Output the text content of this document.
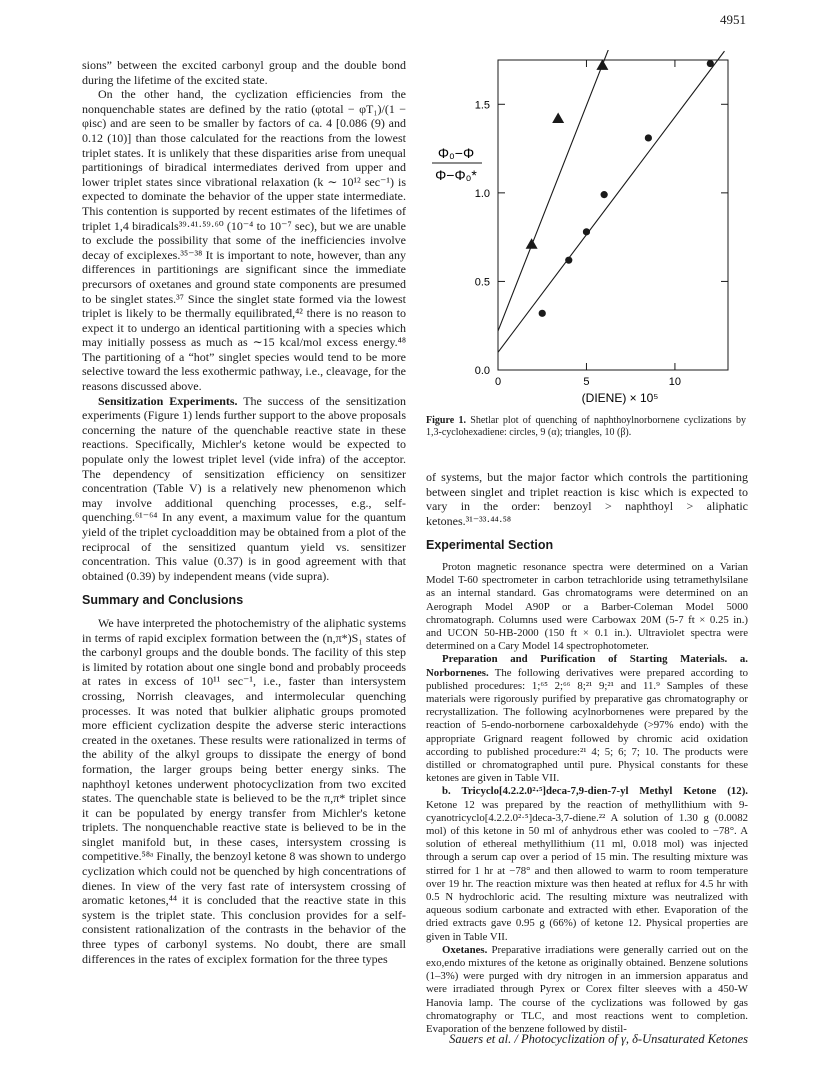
4951

sions” between the excited carbonyl group and the double bond during the lifetime of the excited state.

On the other hand, the cyclization efficiencies from the nonquenchable states are defined by the ratio (φtotal − φT₁)/(1 − φisc) and are seen to be smaller by factors of ca. 4 [0.086 (9) and 0.12 (10)] than those calculated for the reactions from the lowest triplet states. It is unlikely that these disparities arise from unequal partitionings of biradical intermediates derived from upper and lower triplet states since vibrational relaxation (k ∼ 10¹² sec⁻¹) is expected to dominate the behavior of the upper state intermediate. This contention is supported by recent estimates of the lifetimes of triplet 1,4 biradicals³⁹·⁴¹·⁵⁹·⁶⁰ (10⁻⁴ to 10⁻⁷ sec), but we are unable to exclude the possibility that some of the inefficiencies involve decay of exciplexes.³⁵⁻³⁸ It is important to note, however, than any differences in partitionings are significant since the immediate precursors of oxetanes and ground state components are presumed to be singlet states.³⁷ Since the singlet state formed via the lowest triplet is likely to be thermally equilibrated,⁴² there is no reason to expect it to undergo an identical partitioning with a species which may initially possess as much as ∼15 kcal/mol excess energy.⁴⁸ The partitioning of a “hot” singlet species would tend to be more selective toward the less exothermic pathway, i.e., cleavage, for the reasons discussed above.

Sensitization Experiments. The success of the sensitization experiments (Figure 1) lends further support to the above proposals concerning the nature of the quenchable reactive state in these reactions. Specifically, Michler's ketone would be expected to populate only the lowest triplet level (vide infra) of the acceptor. The dependency of sensitization efficiency on sensitizer concentration (Table V) is a relatively new phenomenon which may involve additional quenching processes, e.g., self-quenching.⁶¹⁻⁶⁴ In any event, a maximum value for the quantum yield of the triplet cycloaddition may be obtained from a plot of the reciprocal of the sensitized quantum yield vs. sensitizer concentration. This value (0.37) is in good agreement with that obtained (0.39) by independent means (vide supra).

Summary and Conclusions

We have interpreted the photochemistry of the aliphatic systems in terms of rapid exciplex formation between the (n,π*)S₁ states of the carbonyl groups and the double bonds. The facility of this step is limited by rotation about one single bond and probably proceeds at rates in excess of 10¹¹ sec⁻¹, i.e., faster than intersystem crossing, Norrish cleavages, and intermolecular quenching processes. It was noted that bulkier aliphatic groups promoted more efficient cyclization despite the adverse steric interactions created in the oxetanes. These results were rationalized in terms of the ability of the alkyl groups to dissipate the energy of bond formation, the larger groups being better energy sinks. The naphthoyl ketones underwent photocyclization from two excited states. The quenchable state is believed to be the π,π* triplet since it can be populated by energy transfer from Michler's ketone triplets. The nonquenchable reactive state is believed to be in the singlet manifold but, in these cases, intersystem crossing is competitive.⁵⁸ᵃ Finally, the benzoyl ketone 8 was shown to undergo cyclization which could not be quenched by high concentrations of dienes. In view of the very fast rate of intersystem crossing of aromatic ketones,⁴⁴ it is concluded that the reactive state in this system is the triplet state. This conclusion provides for a self-consistent rationalization of the contrasts in the behavior of the three types of carbonyl systems. No doubt, there are small differences in the rates of exciplex formation for the three types

0.0
0.5
1.0
1.5
0	5	10
Φ₀−Φ
Φ−Φ₀*
(DIENE) × 10⁵
Figure 1. Shetlar plot of quenching of naphthoylnorbornene cyclizations by 1,3-cyclohexadiene: circles, 9 (α); triangles, 10 (β).

of systems, but the major factor which controls the partitioning between singlet and triplet reaction is kisc which is expected to vary in the order: benzoyl > naphthoyl > aliphatic ketones.³¹⁻³³·⁴⁴·⁵⁸

Experimental Section

Proton magnetic resonance spectra were determined on a Varian Model T-60 spectrometer in carbon tetrachloride using tetramethylsilane as an internal standard. Gas chromatograms were determined on an Aerograph Model A90P or a Barber-Coleman Model 5000 chromatograph. Columns used were Carbowax 20M (5-7 ft × 0.25 in.) and UCON 50-HB-2000 (150 ft × 0.1 in.). Ultraviolet spectra were determined on a Cary Model 14 spectrophotometer.

Preparation and Purification of Starting Materials. a. Norbornenes. The following derivatives were prepared according to published procedures: 1;⁶⁵ 2;⁶⁶ 8;²¹ 9;²¹ and 11.⁹ Samples of these materials were rigorously purified by preparative gas chromatography or recrystallization. The following acylnorbornenes were prepared by the reaction of 5-endo-norbornene carboxaldehyde (>97% endo) with the appropriate Grignard reagent followed by chromic acid oxidation according to published procedure:²¹ 4; 5; 6; 7; 10. The products were distilled or chromatographed until pure. Physical constants for these ketones are given in Table VII.

b. Tricyclo[4.2.2.0²·⁵]deca-7,9-dien-7-yl Methyl Ketone (12). Ketone 12 was prepared by the reaction of methyllithium with 9-cyanotricyclo[4.2.2.0²·⁵]deca-3,7-diene.²² A solution of 1.30 g (0.0082 mol) of this ketone in 50 ml of anhydrous ether was cooled to −78°. A solution of ethereal methyllithium (11 ml, 0.018 mol) was injected through a serum cap over a period of 15 min. The resulting mixture was stirred for 1 hr at −78° and then allowed to warm to room temperature over 19 hr. The reaction mixture was then heated at reflux for 4.5 hr with 0.5 N hydrochloric acid. The resulting mixture was neutralized with aqueous sodium carbonate and extracted with ether. Evaporation of the dried extracts gave 0.95 g (66%) of ketone 12. Physical properties are given in Table VII.

Oxetanes. Preparative irradiations were generally carried out on the exo,endo mixtures of the ketone as originally obtained. Benzene solutions (1–3%) were purged with dry nitrogen in an immersion apparatus and were irradiated through Pyrex or Corex filter sleeves with a 450-W Hanovia lamp. The course of the cyclizations was followed by gas chromatography or TLC, and most reactions went to completion. Evaporation of the benzene followed by distil-

Sauers et al. / Photocyclization of γ, δ-Unsaturated Ketones
